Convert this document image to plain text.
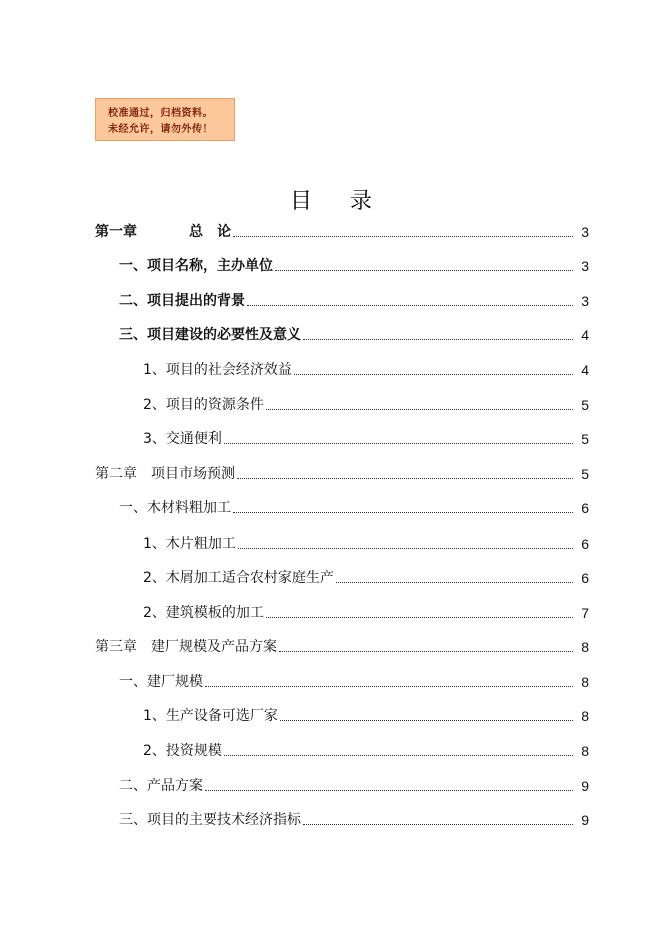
校准通过，归档资料。
未经允许，请勿外传！
目录
第一章	总　论	3
一、项目名称，主办单位	3
二、项目提出的背景	3
三、项目建设的必要性及意义	4
1、项目的社会经济效益	4
2、项目的资源条件	5
3、交通便利	5
第二章 项目市场预测	5
一、木材料粗加工	6
1、木片粗加工	6
2、木屑加工适合农村家庭生产	6
2、建筑模板的加工	7
第三章 建厂规模及产品方案	8
一、建厂规模	8
1、生产设备可选厂家	8
2、投资规模	8
二、产品方案	9
三、项目的主要技术经济指标	9
